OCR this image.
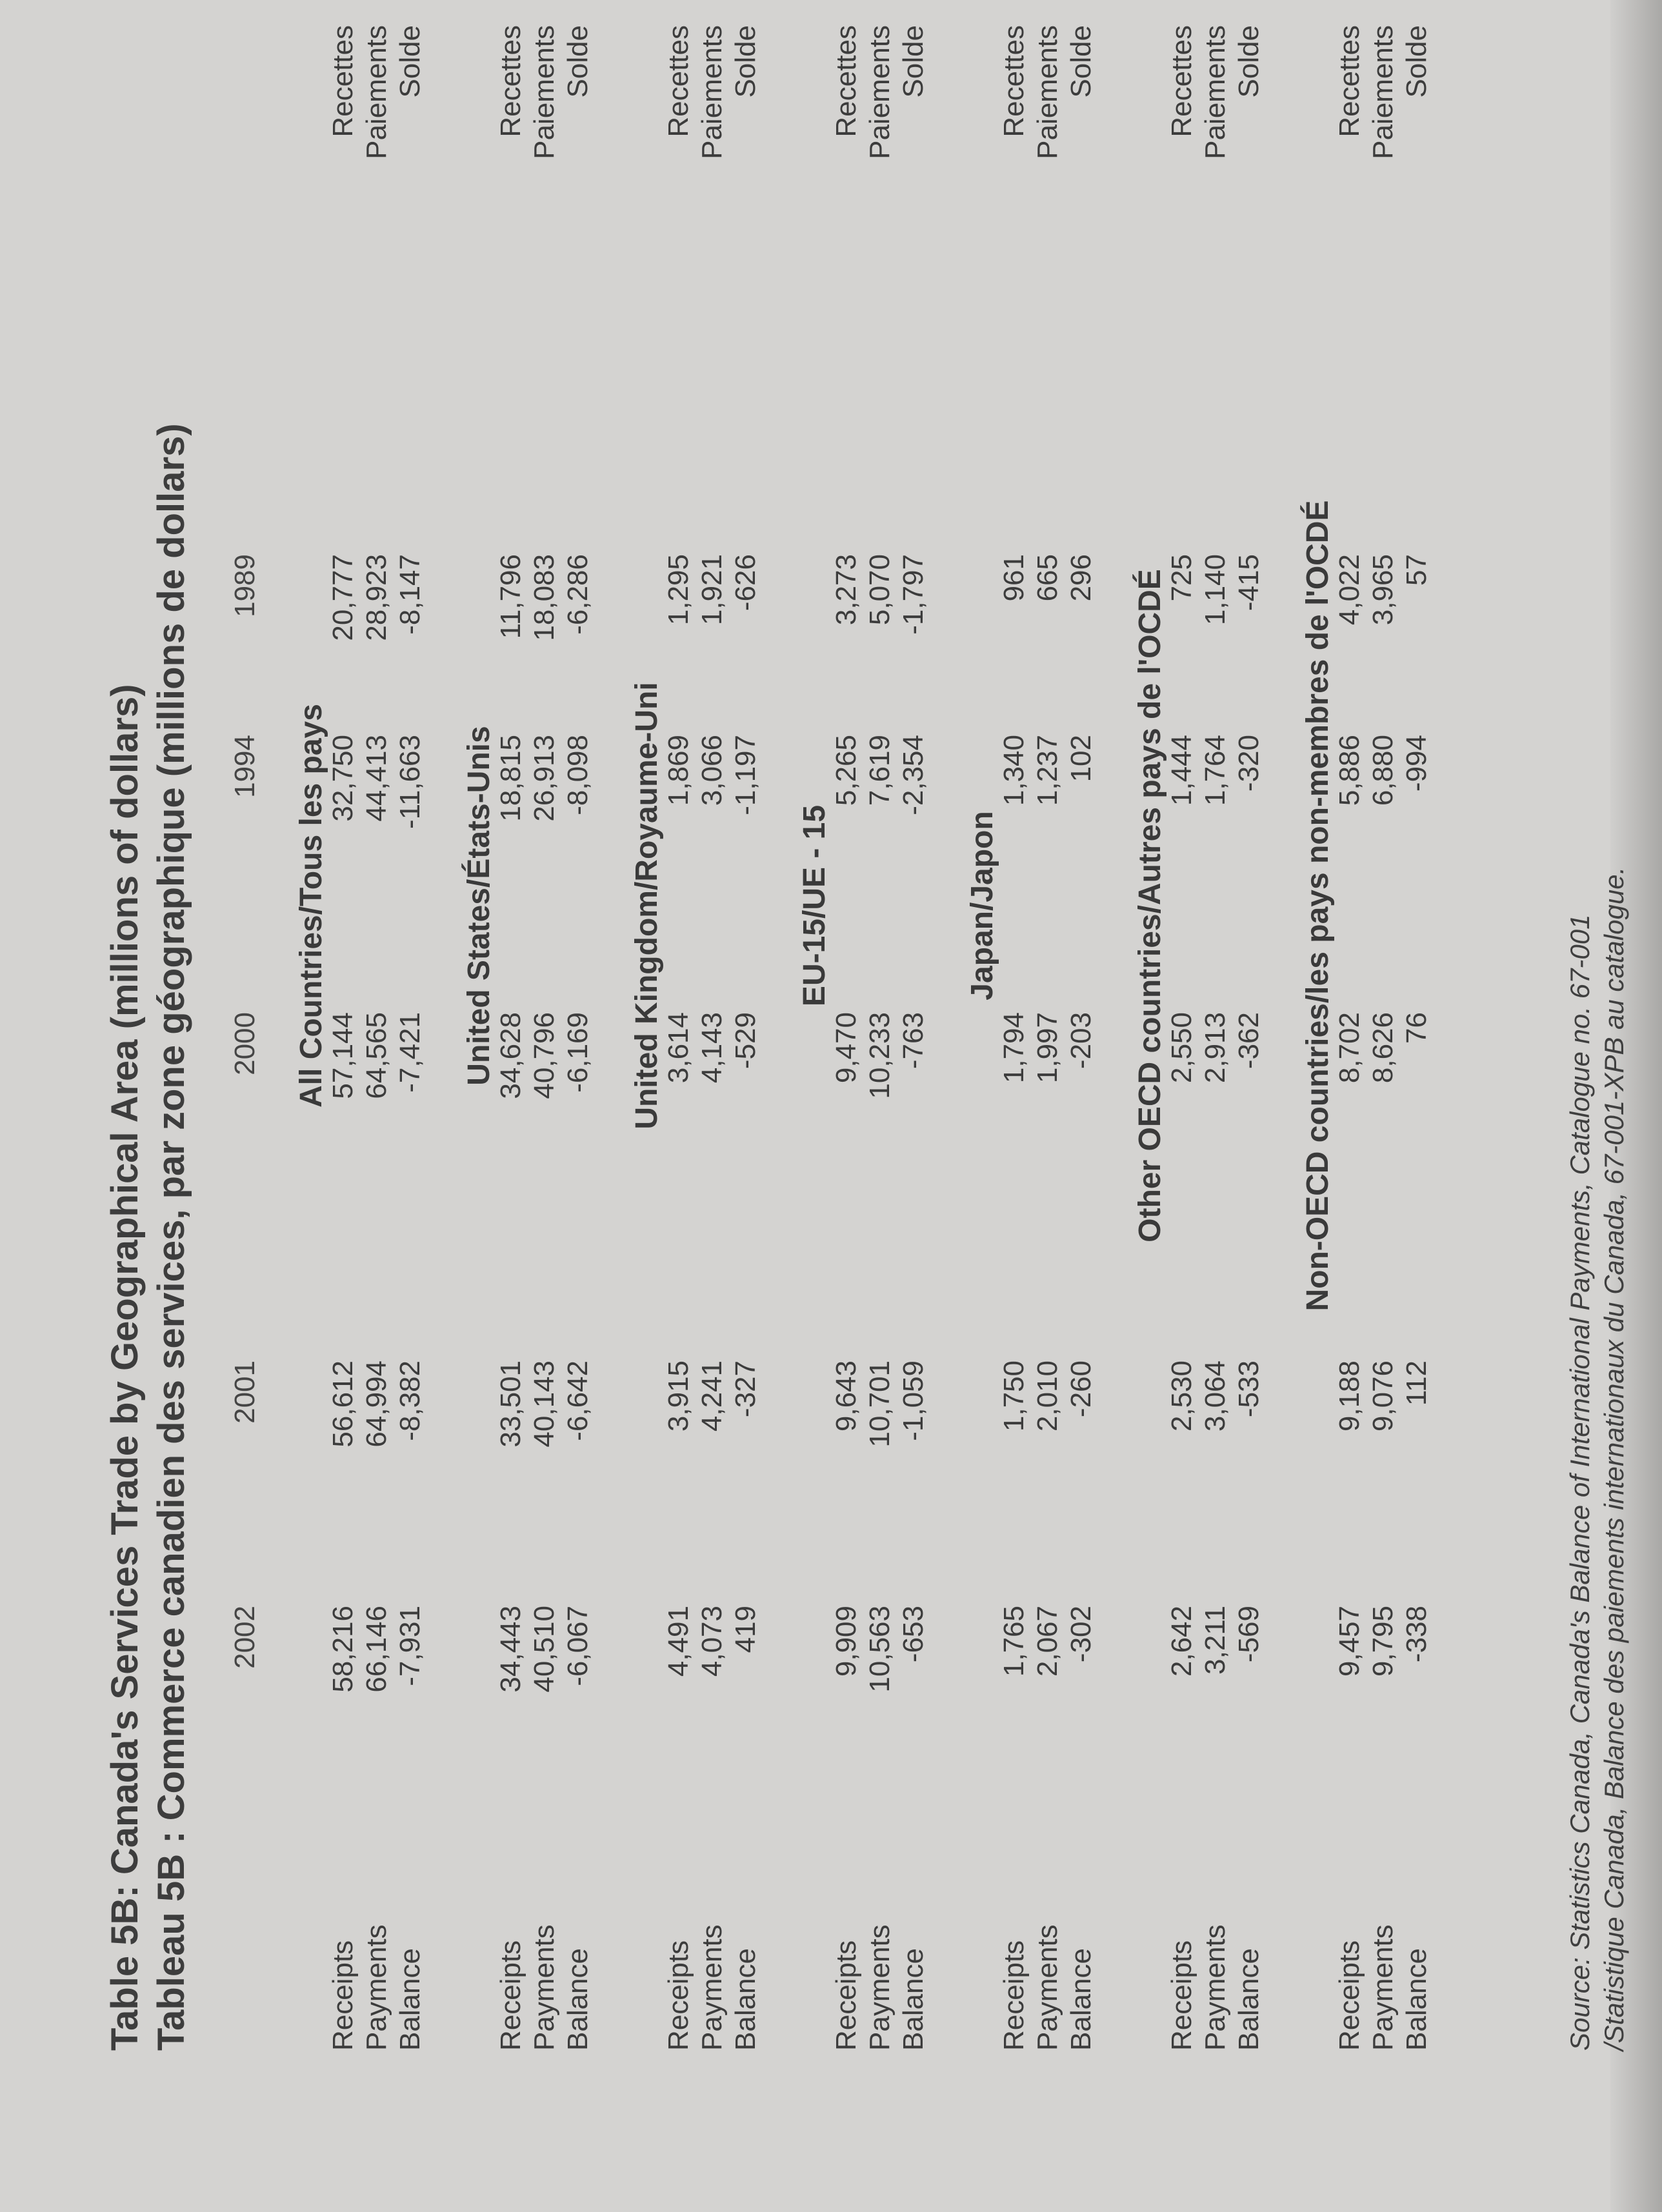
Table 5B: Canada's Services Trade by Geographical Area (millions of dollars) Tableau 5B : Commerce canadien des services, par zone géographique (millions de dollars) 1989
1994
2000
2001
2002
All Countries/Tous les pays
Receipts
20,777
32,750
57,144
56,612
58,216
Recettes
Payments
28,923
44,413
64,565
64,994
66,146
Paiements
Balance
-8,147
-11,663
-7,421
-8,382
-7,931
Solde
United States/États-Unis
Receipts
11,796
18,815
34,628
33,501
34,443
Recettes
Payments
18,083
26,913
40,796
40,143
40,510
Paiements
Balance
-6,286
-8,098
-6,169
-6,642
-6,067
Solde
United Kingdom/Royaume-Uni
Receipts
1,295
1,869
3,614
3,915
4,491
Recettes
Payments
1,921
3,066
4,143
4,241
4,073
Paiements
Balance
-626
-1,197
-529
-327
419
Solde
EU-15/UE - 15
Receipts
3,273
5,265
9,470
9,643
9,909
Recettes
Payments
5,070
7,619
10,233
10,701
10,563
Paiements
Balance
-1,797
-2,354
-763
-1,059
-653
Solde
Japan/Japon
Receipts
961
1,340
1,794
1,750
1,765
Recettes
Payments
665
1,237
1,997
2,010
2,067
Paiements
Balance
296
102
-203
-260
-302
Solde
Other OECD countries/Autres pays de l'OCDÉ
Receipts
725
1,444
2,550
2,530
2,642
Recettes
Payments
1,140
1,764
2,913
3,064
3,211
Paiements
Balance
-415
-320
-362
-533
-569
Solde
Non-OECD countries/les pays non-membres de l'OCDÉ
Receipts
4,022
5,886
8,702
9,188
9,457
Recettes
Payments
3,965
6,880
8,626
9,076
9,795
Paiements
Balance
57
-994
76
112
-338
Solde
Source: Statistics Canada, Canada's Balance of International Payments, Catalogue no. 67-001 /Statistique Canada, Balance des paiements internationaux du Canada, 67-001-XPB au catalogue.
